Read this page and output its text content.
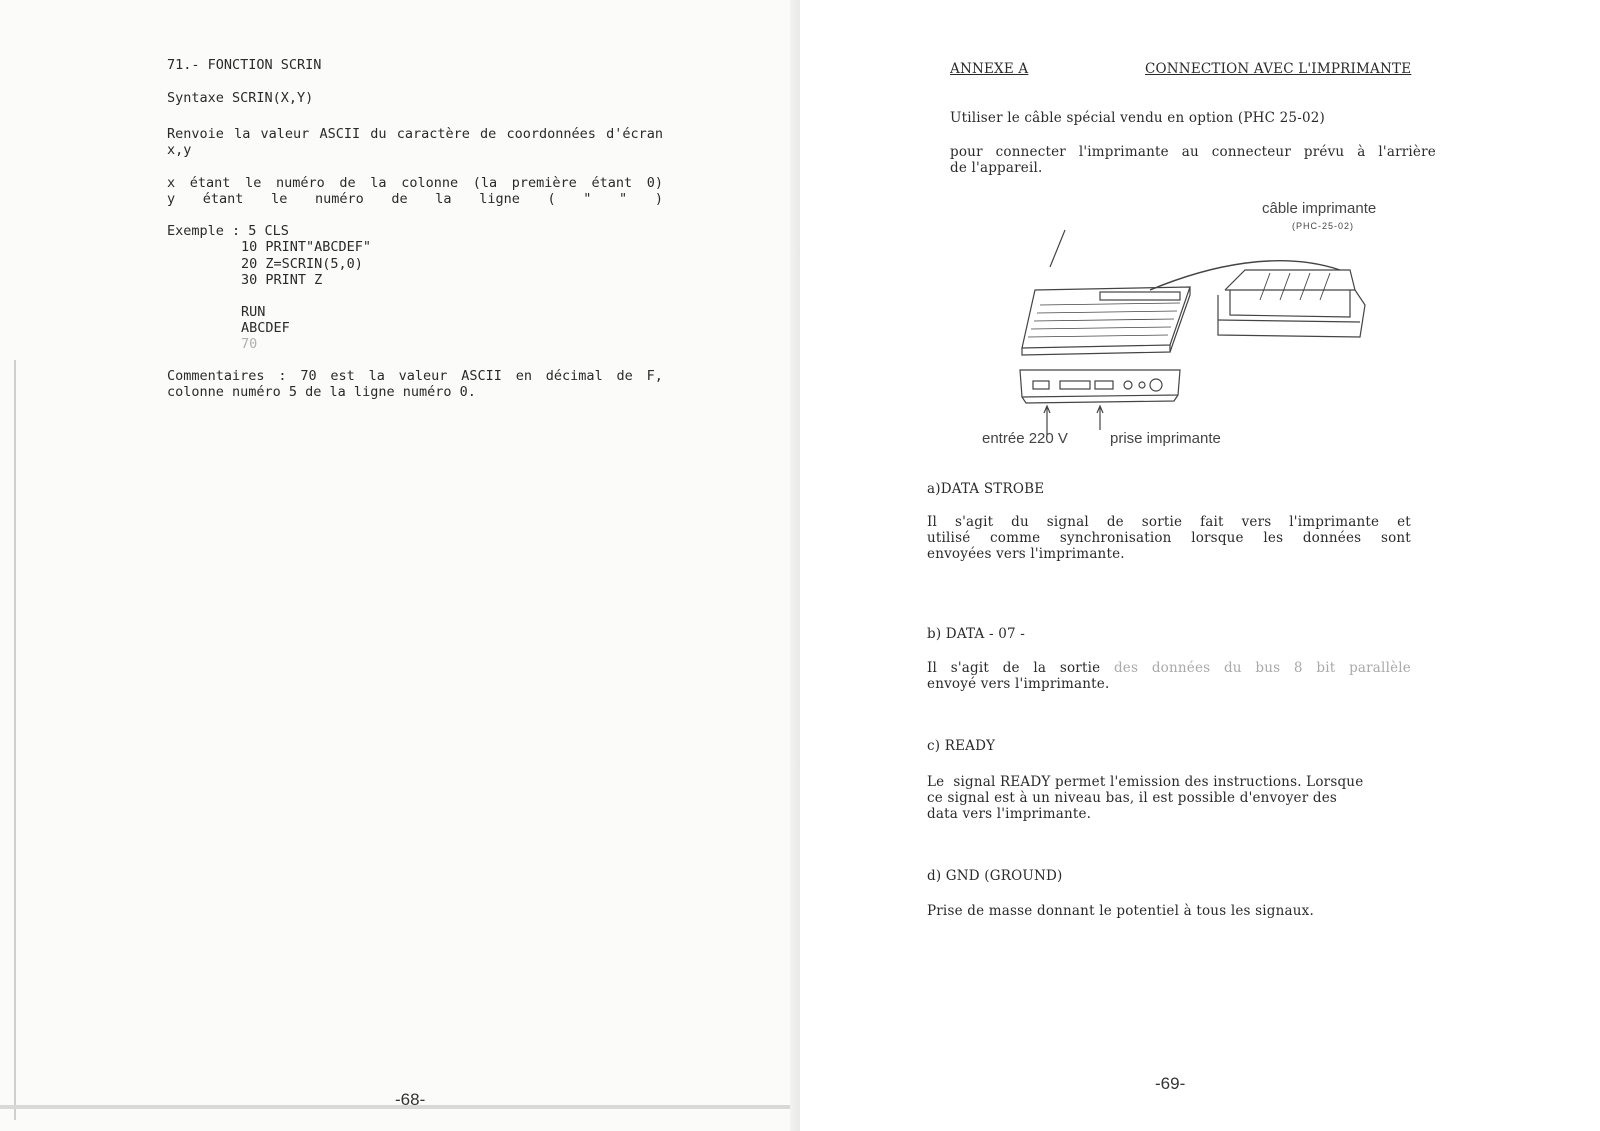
71.- FONCTION SCRIN
Syntaxe SCRIN(X,Y)
Renvoie la valeur ASCII du caractère de coordonnées d'écran
x,y
x étant le numéro de la colonne (la première étant 0)
y étant le numéro de la ligne ( " " )
Exemple : 5 CLS
10 PRINT"ABCDEF"
20 Z=SCRIN(5,0)
30 PRINT Z
RUN
ABCDEF
70
Commentaires : 70 est la valeur ASCII en décimal de F,
colonne numéro 5 de la ligne numéro 0.
-68-
ANNEXE A	CONNECTION AVEC L'IMPRIMANTE
Utiliser le câble spécial vendu en option (PHC 25-02)
pour connecter l'imprimante au connecteur prévu à l'arrière
de l'appareil.
câble imprimante
(PHC-25-02)
entrée 220 V	prise imprimante
a)DATA STROBE
Il s'agit du signal de sortie fait vers l'imprimante et
utilisé comme synchronisation lorsque les données sont
envoyées vers l'imprimante.
b) DATA - 07 -
Il s'agit de la sortie des données du bus 8 bit parallèle
envoyé vers l'imprimante.
c) READY
Le  signal READY permet l'emission des instructions. Lorsque
ce signal est à un niveau bas, il est possible d'envoyer des
data vers l'imprimante.
d) GND (GROUND)
Prise de masse donnant le potentiel à tous les signaux.
-69-
